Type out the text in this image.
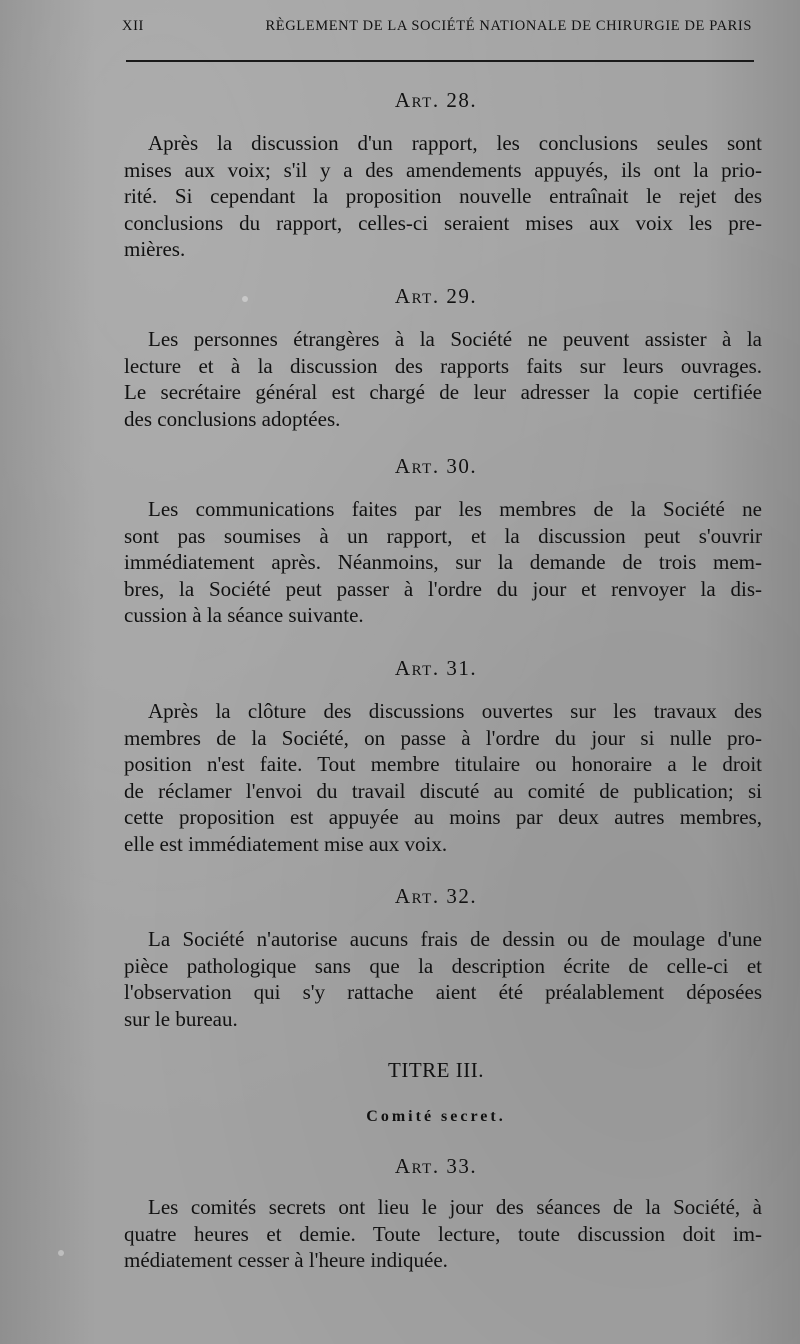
XII	RÈGLEMENT DE LA SOCIÉTÉ NATIONALE DE CHIRURGIE DE PARIS
Art. 28.
Après la discussion d'un rapport, les conclusions seules sont
mises aux voix; s'il y a des amendements appuyés, ils ont la prio-
rité. Si cependant la proposition nouvelle entraînait le rejet des
conclusions du rapport, celles-ci seraient mises aux voix les pre-
mières.
Art. 29.
Les personnes étrangères à la Société ne peuvent assister à la
lecture et à la discussion des rapports faits sur leurs ouvrages.
Le secrétaire général est chargé de leur adresser la copie certifiée
des conclusions adoptées.
Art. 30.
Les communications faites par les membres de la Société ne
sont pas soumises à un rapport, et la discussion peut s'ouvrir
immédiatement après. Néanmoins, sur la demande de trois mem-
bres, la Société peut passer à l'ordre du jour et renvoyer la dis-
cussion à la séance suivante.
Art. 31.
Après la clôture des discussions ouvertes sur les travaux des
membres de la Société, on passe à l'ordre du jour si nulle pro-
position n'est faite. Tout membre titulaire ou honoraire a le droit
de réclamer l'envoi du travail discuté au comité de publication; si
cette proposition est appuyée au moins par deux autres membres,
elle est immédiatement mise aux voix.
Art. 32.
La Société n'autorise aucuns frais de dessin ou de moulage d'une
pièce pathologique sans que la description écrite de celle-ci et
l'observation qui s'y rattache aient été préalablement déposées
sur le bureau.
TITRE III.
Comité secret.
Art. 33.
Les comités secrets ont lieu le jour des séances de la Société, à
quatre heures et demie. Toute lecture, toute discussion doit im-
médiatement cesser à l'heure indiquée.
